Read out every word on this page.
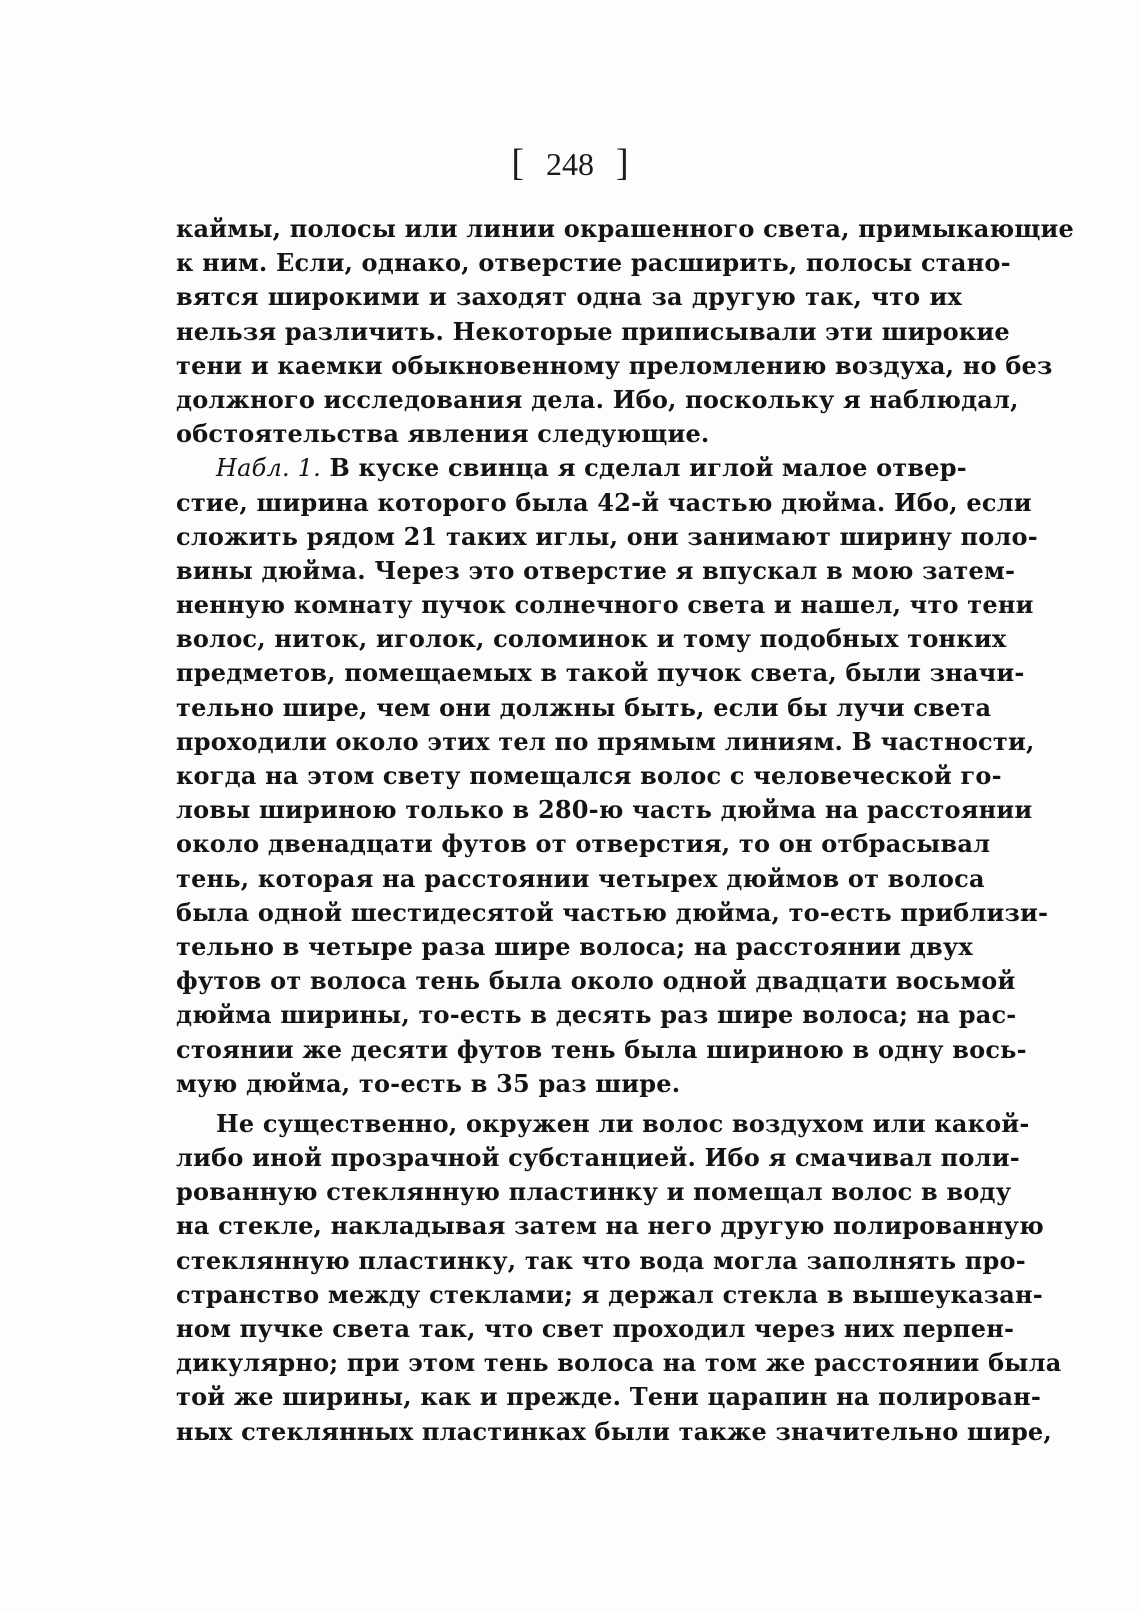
[ 248 ]
каймы, полосы или линии окрашенного света, примыкающие
к ним. Если, однако, отверстие расширить, полосы стано-
вятся широкими и заходят одна за другую так, что их
нельзя различить. Некоторые приписывали эти широкие
тени и каемки обыкновенному преломлению воздуха, но без
должного исследования дела. Ибо, поскольку я наблюдал,
обстоятельства явления следующие.
Набл. 1. В куске свинца я сделал иглой малое отвер-
стие, ширина которого была 42-й частью дюйма. Ибо, если
сложить рядом 21 таких иглы, они занимают ширину поло-
вины дюйма. Через это отверстие я впускал в мою затем-
ненную комнату пучок солнечного света и нашел, что тени
волос, ниток, иголок, соломинок и тому подобных тонких
предметов, помещаемых в такой пучок света, были значи-
тельно шире, чем они должны быть, если бы лучи света
проходили около этих тел по прямым линиям. В частности,
когда на этом свету помещался волос с человеческой го-
ловы шириною только в 280-ю часть дюйма на расстоянии
около двенадцати футов от отверстия, то он отбрасывал
тень, которая на расстоянии четырех дюймов от волоса
была одной шестидесятой частью дюйма, то-есть приблизи-
тельно в четыре раза шире волоса; на расстоянии двух
футов от волоса тень была около одной двадцати восьмой
дюйма ширины, то-есть в десять раз шире волоса; на рас-
стоянии же десяти футов тень была шириною в одну вось-
мую дюйма, то-есть в 35 раз шире.
Не существенно, окружен ли волос воздухом или какой-
либо иной прозрачной субстанцией. Ибо я смачивал поли-
рованную стеклянную пластинку и помещал волос в воду
на стекле, накладывая затем на него другую полированную
стеклянную пластинку, так что вода могла заполнять про-
странство между стеклами; я держал стекла в вышеуказан-
ном пучке света так, что свет проходил через них перпен-
дикулярно; при этом тень волоса на том же расстоянии была
той же ширины, как и прежде. Тени царапин на полирован-
ных стеклянных пластинках были также значительно шире,
